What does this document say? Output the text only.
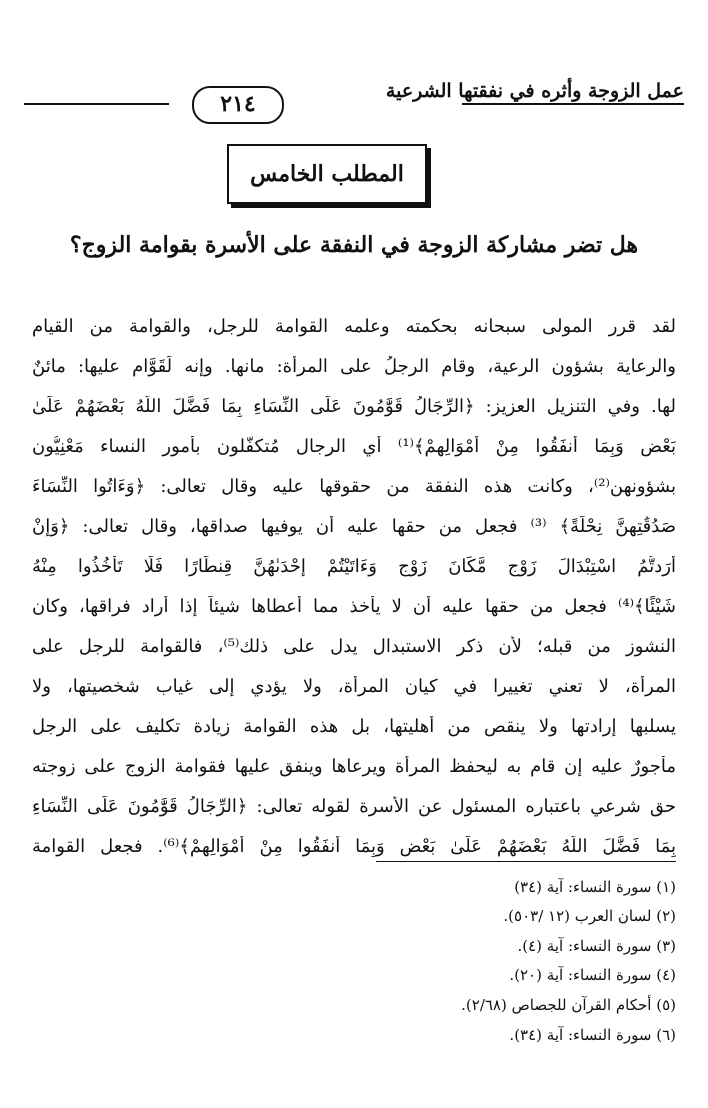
عمل الزوجة وأثره في نفقتها الشرعية
٢١٤
المطلب الخامس
هل تضر مشاركة الزوجة في النفقة على الأسرة بقوامة الزوج؟
لقد قرر المولى سبحانه بحكمته وعلمه القوامة للرجل، والقوامة من القيام
والرعاية بشؤون الرعية، وقام الرجلُ على المرأة: مانها. وإنه لَقَوَّام عليها: مائنٌ
لها. وفي التنزيل العزيز: ﴿الرِّجَالُ قَوَّٰمُونَ عَلَى النِّسَاءِ بِمَا فَضَّلَ اللَّهُ بَعْضَهُمْ عَلَىٰ
بَعْضٍ وَبِمَا أَنفَقُوا مِنْ أَمْوَالِهِمْ﴾⁽¹⁾ أي الرجال مُتكفّلون بأُمور النساء مَعْنِيُّون
بشؤونهن⁽²⁾، وكانت هذه النفقة من حقوقها عليه وقال تعالى: ﴿وَءَاتُوا النِّسَاءَ
صَدُقَٰتِهِنَّ نِحْلَةً﴾ ⁽³⁾ فجعل من حقها عليه أن يوفيها صداقها، وقال تعالى: ﴿وَإِنْ
أَرَدتُّمُ اسْتِبْدَالَ زَوْجٍ مَّكَانَ زَوْجٍ وَءَاتَيْتُمْ إِحْدَىٰهُنَّ قِنطَارًا فَلَا تَأْخُذُوا مِنْهُ
شَيْئًا﴾⁽⁴⁾ فجعل من حقها عليه أن لا يأخذ مما أعطاها شيئاً إذا أراد فراقها، وكان
النشوز من قبله؛ لأن ذكر الاستبدال يدل على ذلك⁽⁵⁾، فالقوامة للرجل على
المرأة، لا تعني تغييرا في كيان المرأة، ولا يؤدي إلى غياب شخصيتها، ولا
يسلبها إرادتها ولا ينقص من أهليتها، بل هذه القوامة زيادة تكليف على الرجل
مأجورٌ عليه إن قام به ليحفظ المرأة ويرعاها وينفق عليها فقوامة الزوج على زوجته
حق شرعي باعتباره المسئول عن الأسرة لقوله تعالى: ﴿الرِّجَالُ قَوَّٰمُونَ عَلَى النِّسَاءِ
بِمَا فَضَّلَ اللَّهُ بَعْضَهُمْ عَلَىٰ بَعْضٍ وَبِمَا أَنفَقُوا مِنْ أَمْوَالِهِمْ﴾⁽⁶⁾. فجعل القوامة
(١) سورة النساء: آية (٣٤)
(٢) لسان العرب (١٢ /٥٠٣).
(٣) سورة النساء: آية (٤).
(٤) سورة النساء: آية (٢٠).
(٥) أحكام القرآن للجصاص (٢/٦٨).
(٦) سورة النساء: آية (٣٤).
